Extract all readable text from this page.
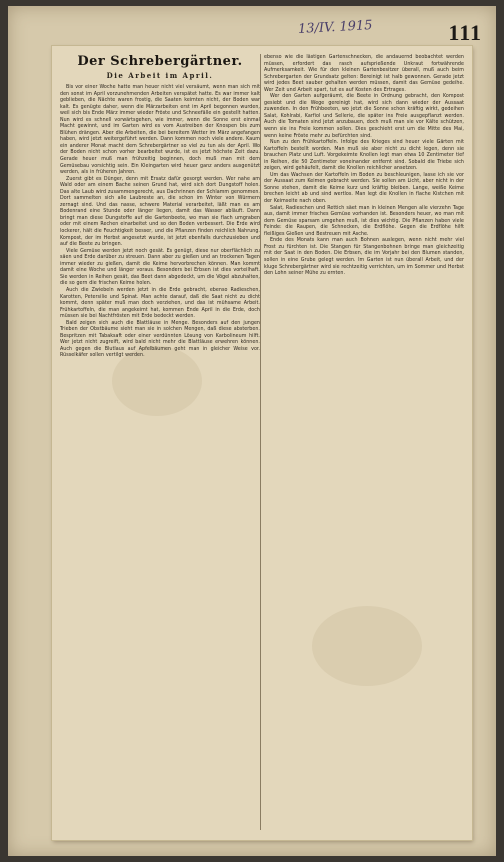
13/IV. 1915	111
Der Schrebergärtner.
Die Arbeit im April.

Bis vor einer Woche hatte man heuer nicht viel versäumt, wenn man sich mit den sonst im April vorzunehmenden Arbeiten verspätet hatte. Es war immer kalt geblieben, die Nächte waren frostig, die Saaten keimten nicht, der Boden war kalt. Es genügte daher, wenn die Märzarbeiten erst im April begonnen wurden, weil sich bis Ende März immer wieder Fröste und Schneefälle ein gestellt hatten. Nun wird es schnell vorwärtsgehen, wie immer, wenn die Sonne erst einmal Macht gewinnt, und im Garten wird es vom Austreiben der Knospen bis zum Blühen drängen. Aber die Arbeiten, die bei bereitem Wetter im März angefangen haben, wird jetzt weitergeführt werden. Dann kommen noch viele andere. Kaum ein anderer Monat macht dem Schrebergärtner so viel zu tun als der April. Wo der Boden nicht schon vorher bearbeitet wurde, ist es jetzt höchste Zeit dazu. Gerade heuer muß man frühzeitig beginnen, doch muß man mit dem Gemüsebau vorsichtig sein. Ein Kleingarten wird heuer ganz anders ausgenützt werden, als in früheren Jahren.

Zuerst gibt es Dünger, denn mit Ersatz dafür gesorgt werden. Wer nahe am Wald oder am einem Bache seinen Grund hat, wird sich dort Dungstoff holen. Das alte Laub wird zusammengerecht, aus Dachrinnen der Schlamm genommen. Dort sammelten sich alle Laubreste an, die schon im Winter von Würmern zernagt sind. Und das nasse, schwere Material verarbeitet, läßt man es am Bodenrand eine Stunde oder länger liegen, damit das Wasser abläuft. Dann bringt man diese Dungstoffe auf die Gartenbeete, wo man sie flach umgraben oder mit einem Rechen einarbeitet und so den Boden verbessert. Die Erde wird lockerer, hält die Feuchtigkeit besser, und die Pflanzen finden reichlich Nahrung. Kompost, der im Herbst angesetzt wurde, ist jetzt ebenfalls durchzusieben und auf die Beete zu bringen.

Viele Gemüse werden jetzt noch gesät. Es genügt, diese nur oberflächlich zu säen und Erde darüber zu streuen. Dann aber zu gießen und an trockenen Tagen immer wieder zu gießen, damit die Keime hervorbrechen können. Man kommt damit eine Woche und länger voraus. Besonders bei Erbsen ist dies vorteilhaft. Sie werden in Reihen gesät, das Beet dann abgedeckt, um die Vögel abzuhalten, die so gern die frischen Keime holen.

Auch die Zwiebeln werden jetzt in die Erde gebracht, ebenso Radieschen, Karotten, Petersilie und Spinat. Man achte darauf, daß die Saat nicht zu dicht kommt, denn später muß man doch verziehen, und das ist mühsame Arbeit. Frühkartoffeln, die man angekeimt hat, kommen Ende April in die Erde, doch müssen sie bei Nachtfrösten mit Erde bedeckt werden.

Bald zeigen sich auch die Blattläuse in Menge. Besonders auf den jungen Trieben der Obstbäume sieht man sie in solchen Mengen, daß diese absterben. Bespritzen mit Tabaksaft oder einer verdünnten Lösung von Karbolineum hilft. Wer jetzt nicht zugreift, wird bald nicht mehr die Blattläuse erwehren können. Auch gegen die Blutlaus auf Apfelbäumen geht man in gleicher Weise vor. Rüsselkäfer sollen vertilgt werden.

ebenso wie die lästigen Gartenschnecken, die andauernd beobachtet werden müssen, erfordert das rasch aufsprießende Unkraut fortwährende Aufmerksamkeit. Wie für den kleinen Gartenbesitzer überall, muß auch beim Schrebergarten der Grundsatz gelten: Bereinigt ist halb gewonnen. Gerade jetzt wird jedes Beet sauber gehalten werden müssen, damit das Gemüse gedeihe. Wer Zeit und Arbeit spart, tut es auf Kosten des Ertrages.

Wer den Garten aufgeräumt, die Beete in Ordnung gebracht, den Kompost gesiebt und die Wege gereinigt hat, wird sich dann wieder der Aussaat zuwenden. In den Frühbeeten, wo jetzt die Sonne schon kräftig wirkt, gedeihen Salat, Kohlrabi, Karfiol und Sellerie, die später ins Freie ausgepflanzt werden. Auch die Tomaten sind jetzt anzubauen, doch muß man sie vor Kälte schützen, wenn sie ins Freie kommen sollen. Dies geschieht erst um die Mitte des Mai, wenn keine Fröste mehr zu befürchten sind.

Nun zu den Frühkartoffeln. Infolge des Krieges sind heuer viele Gärten mit Kartoffeln bestellt worden. Man muß sie aber nicht zu dicht legen, denn sie brauchen Platz und Luft. Vorgekeimte Knollen legt man etwa 10 Zentimeter tief in Reihen, die 50 Zentimeter voneinander entfernt sind. Sobald die Triebe sich zeigen, wird gehäufelt, damit die Knollen reichlicher ansetzen.

Um das Wachsen der Kartoffeln im Boden zu beschleunigen, lasse ich sie vor der Aussaat zum Keimen gebracht werden. Sie sollen am Licht, aber nicht in der Sonne stehen, damit die Keime kurz und kräftig bleiben. Lange, weiße Keime brechen leicht ab und sind wertlos. Man legt die Knollen in flache Kistchen mit der Keimseite nach oben.

Salat, Radieschen und Rettich säet man in kleinen Mengen alle vierzehn Tage aus, damit immer frisches Gemüse vorhanden ist. Besonders heuer, wo man mit dem Gemüse sparsam umgehen muß, ist dies wichtig. Die Pflanzen haben viele Feinde: die Raupen, die Schnecken, die Erdflöhe. Gegen die Erdflöhe hilft fleißiges Gießen und Bestreuen mit Asche.

Ende des Monats kann man auch Bohnen auslegen, wenn nicht mehr viel Frost zu fürchten ist. Die Stangen für Stangenbohnen bringe man gleichzeitig mit der Saat in den Boden. Die Erbsen, die im Vorjahr bei den Blumen standen, sollen in eine Grube gelegt werden. Im Garten ist nun überall Arbeit, und der kluge Schrebergärtner wird sie rechtzeitig verrichten, um im Sommer und Herbst den Lohn seiner Mühe zu ernten.
